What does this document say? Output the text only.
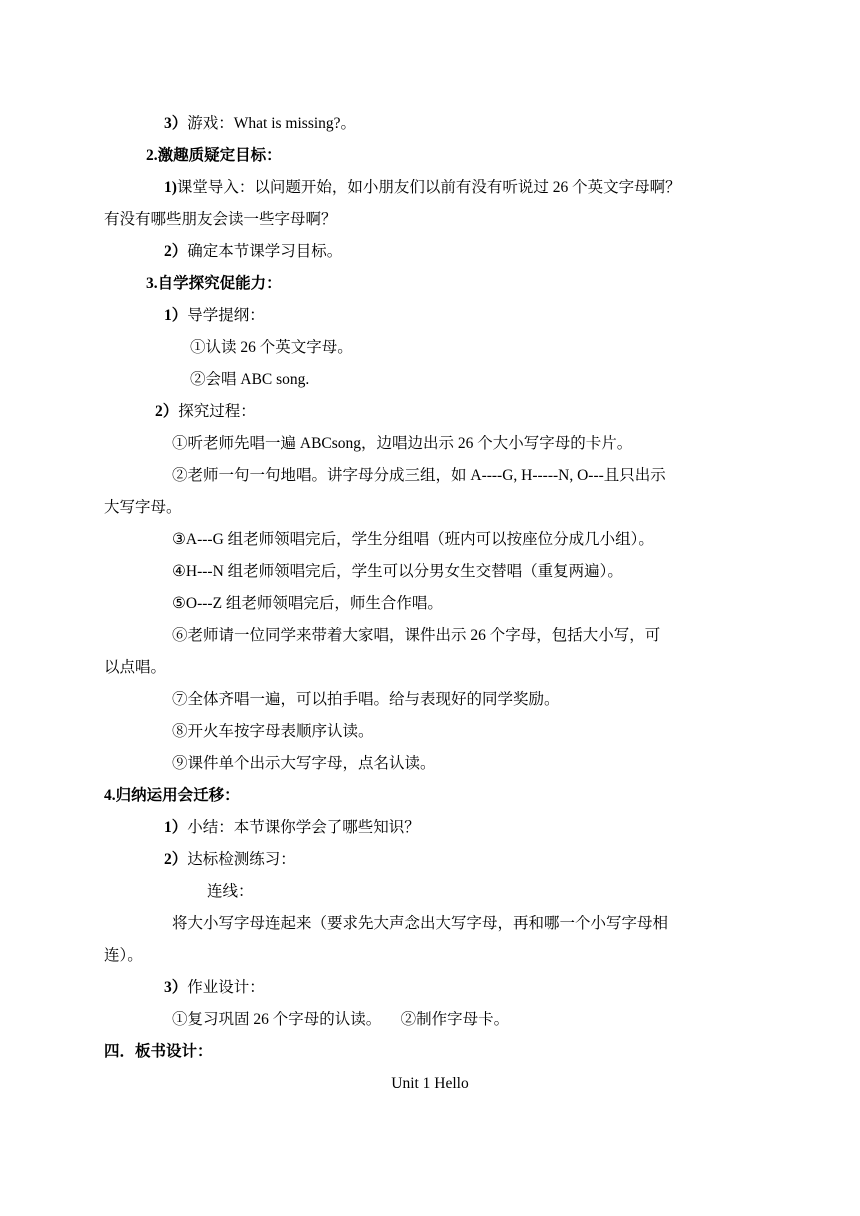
3）游戏：What is missing?。
2.激趣质疑定目标：
1)课堂导入：以问题开始，如小朋友们以前有没有听说过 26 个英文字母啊？
有没有哪些朋友会读一些字母啊？
2）确定本节课学习目标。
3.自学探究促能力：
1）导学提纲：
①认读 26 个英文字母。
②会唱 ABC song.
2）探究过程：
①听老师先唱一遍 ABCsong，边唱边出示 26 个大小写字母的卡片。
②老师一句一句地唱。讲字母分成三组，如 A----G, H-----N, O---且只出示
大写字母。
③A---G 组老师领唱完后，学生分组唱（班内可以按座位分成几小组）。
④H---N 组老师领唱完后，学生可以分男女生交替唱（重复两遍）。
⑤O---Z 组老师领唱完后，师生合作唱。
⑥老师请一位同学来带着大家唱，课件出示 26 个字母，包括大小写，可
以点唱。
⑦全体齐唱一遍，可以拍手唱。给与表现好的同学奖励。
⑧开火车按字母表顺序认读。
⑨课件单个出示大写字母，点名认读。
4.归纳运用会迁移：
1）小结：本节课你学会了哪些知识？
2）达标检测练习：
连线：
将大小写字母连起来（要求先大声念出大写字母，再和哪一个小写字母相
连）。
3）作业设计：
①复习巩固 26 个字母的认读。     ②制作字母卡。
四．板书设计：
Unit 1 Hello
